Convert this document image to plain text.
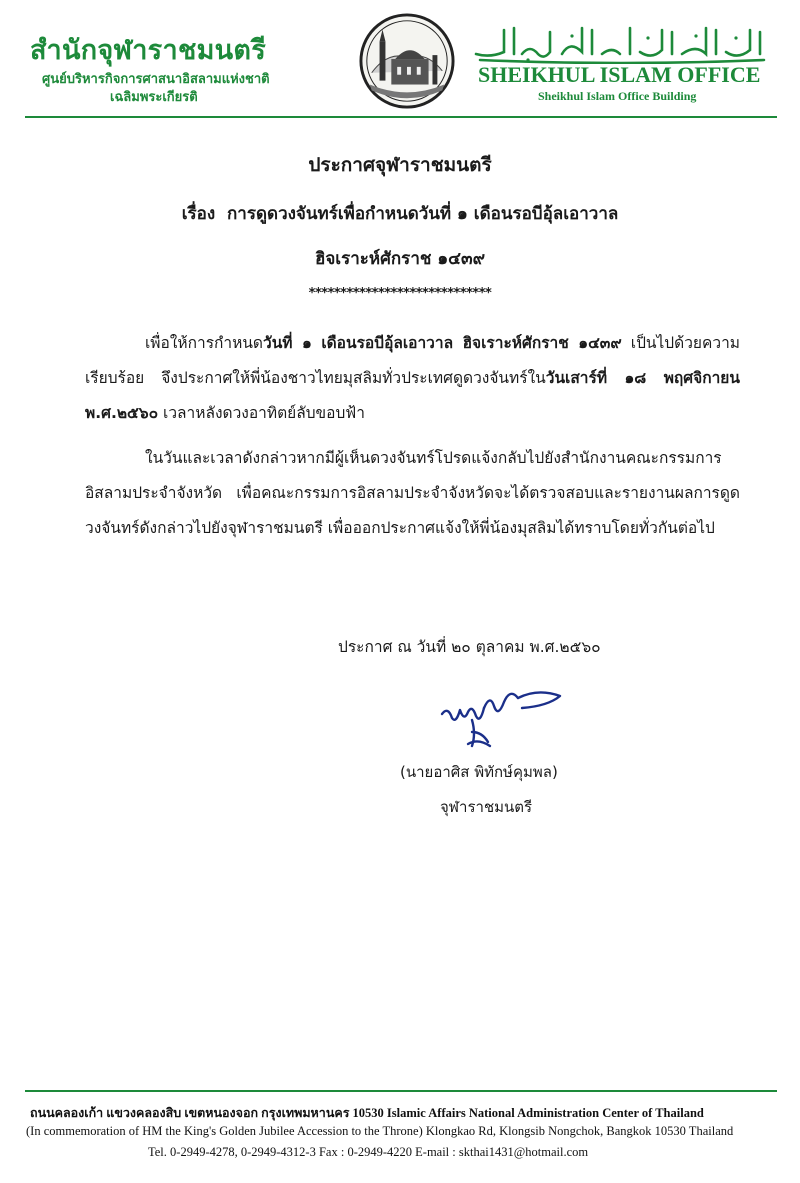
สำนักจุฬาราชมนตรี
ศูนย์บริหารกิจการศาสนาอิสลามแห่งชาติ
เฉลิมพระเกียรติ
SHEIKHUL ISLAM OFFICE
Sheikhul Islam Office Building
ประกาศจุฬาราชมนตรี
เรื่อง การดูดวงจันทร์เพื่อกำหนดวันที่ ๑ เดือนรอบีอุ้ลเอาวาล
ฮิจเราะห์ศักราช ๑๔๓๙
*****************************
เพื่อให้การกำหนดวันที่ ๑ เดือนรอบีอุ้ลเอาวาล ฮิจเราะห์ศักราช ๑๔๓๙ เป็นไปด้วยความเรียบร้อย จึงประกาศให้พี่น้องชาวไทยมุสลิมทั่วประเทศดูดวงจันทร์ในวันเสาร์ที่ ๑๘ พฤศจิกายน พ.ศ.๒๕๖๐ เวลาหลังดวงอาทิตย์ลับขอบฟ้า
ในวันและเวลาดังกล่าวหากมีผู้เห็นดวงจันทร์โปรดแจ้งกลับไปยังสำนักงานคณะกรรมการอิสลามประจำจังหวัด เพื่อคณะกรรมการอิสลามประจำจังหวัดจะได้ตรวจสอบและรายงานผลการดูดวงจันทร์ดังกล่าวไปยังจุฬาราชมนตรี เพื่อออกประกาศแจ้งให้พี่น้องมุสลิมได้ทราบโดยทั่วกันต่อไป
ประกาศ ณ วันที่ ๒๐ ตุลาคม พ.ศ.๒๕๖๐
(นายอาศิส พิทักษ์คุมพล)
จุฬาราชมนตรี
ถนนคลองเก้า แขวงคลองสิบ เขตหนองจอก กรุงเทพมหานคร 10530 Islamic Affairs National Administration Center of Thailand
(In commemoration of HM the King's Golden Jubilee Accession to the Throne) Klongkao Rd, Klongsib Nongchok, Bangkok 10530 Thailand
Tel. 0-2949-4278, 0-2949-4312-3 Fax : 0-2949-4220 E-mail : skthai1431@hotmail.com
